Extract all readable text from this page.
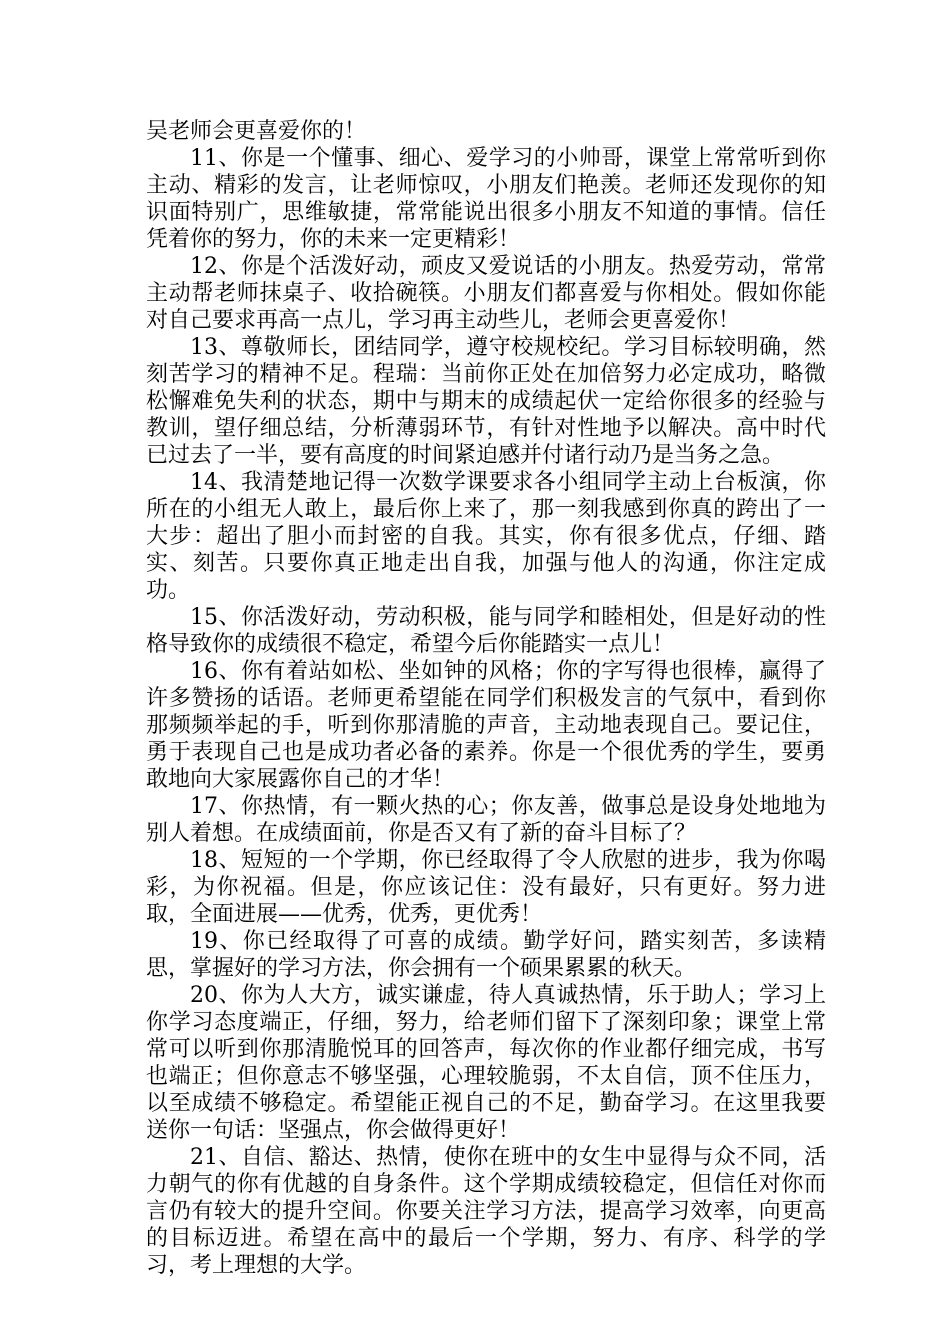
吴老师会更喜爱你的！

11、你是一个懂事、细心、爱学习的小帅哥，课堂上常常听到你主动、精彩的发言，让老师惊叹，小朋友们艳羡。老师还发现你的知识面特别广，思维敏捷，常常能说出很多小朋友不知道的事情。信任凭着你的努力，你的未来一定更精彩！

12、你是个活泼好动，顽皮又爱说话的小朋友。热爱劳动，常常主动帮老师抹桌子、收拾碗筷。小朋友们都喜爱与你相处。假如你能对自己要求再高一点儿，学习再主动些儿，老师会更喜爱你！

13、尊敬师长，团结同学，遵守校规校纪。学习目标较明确，然刻苦学习的精神不足。程瑞：当前你正处在加倍努力必定成功，略微松懈难免失利的状态，期中与期末的成绩起伏一定给你很多的经验与教训，望仔细总结，分析薄弱环节，有针对性地予以解决。高中时代已过去了一半，要有高度的时间紧迫感并付诸行动乃是当务之急。

14、我清楚地记得一次数学课要求各小组同学主动上台板演，你所在的小组无人敢上，最后你上来了，那一刻我感到你真的跨出了一大步：超出了胆小而封密的自我。其实，你有很多优点，仔细、踏实、刻苦。只要你真正地走出自我，加强与他人的沟通，你注定成功。

15、你活泼好动，劳动积极，能与同学和睦相处，但是好动的性格导致你的成绩很不稳定，希望今后你能踏实一点儿！

16、你有着站如松、坐如钟的风格；你的字写得也很棒，赢得了许多赞扬的话语。老师更希望能在同学们积极发言的气氛中，看到你那频频举起的手，听到你那清脆的声音，主动地表现自己。要记住，勇于表现自己也是成功者必备的素养。你是一个很优秀的学生，要勇敢地向大家展露你自己的才华！

17、你热情，有一颗火热的心；你友善，做事总是设身处地地为别人着想。在成绩面前，你是否又有了新的奋斗目标了？

18、短短的一个学期，你已经取得了令人欣慰的进步，我为你喝彩，为你祝福。但是，你应该记住：没有最好，只有更好。努力进取，全面进展——优秀，优秀，更优秀！

19、你已经取得了可喜的成绩。勤学好问，踏实刻苦，多读精思，掌握好的学习方法，你会拥有一个硕果累累的秋天。

20、你为人大方，诚实谦虚，待人真诚热情，乐于助人；学习上你学习态度端正，仔细，努力，给老师们留下了深刻印象；课堂上常常可以听到你那清脆悦耳的回答声，每次你的作业都仔细完成，书写也端正；但你意志不够坚强，心理较脆弱，不太自信，顶不住压力，以至成绩不够稳定。希望能正视自己的不足，勤奋学习。在这里我要送你一句话：坚强点，你会做得更好！

21、自信、豁达、热情，使你在班中的女生中显得与众不同，活力朝气的你有优越的自身条件。这个学期成绩较稳定，但信任对你而言仍有较大的提升空间。你要关注学习方法，提高学习效率，向更高的目标迈进。希望在高中的最后一个学期，努力、有序、科学的学习，考上理想的大学。
